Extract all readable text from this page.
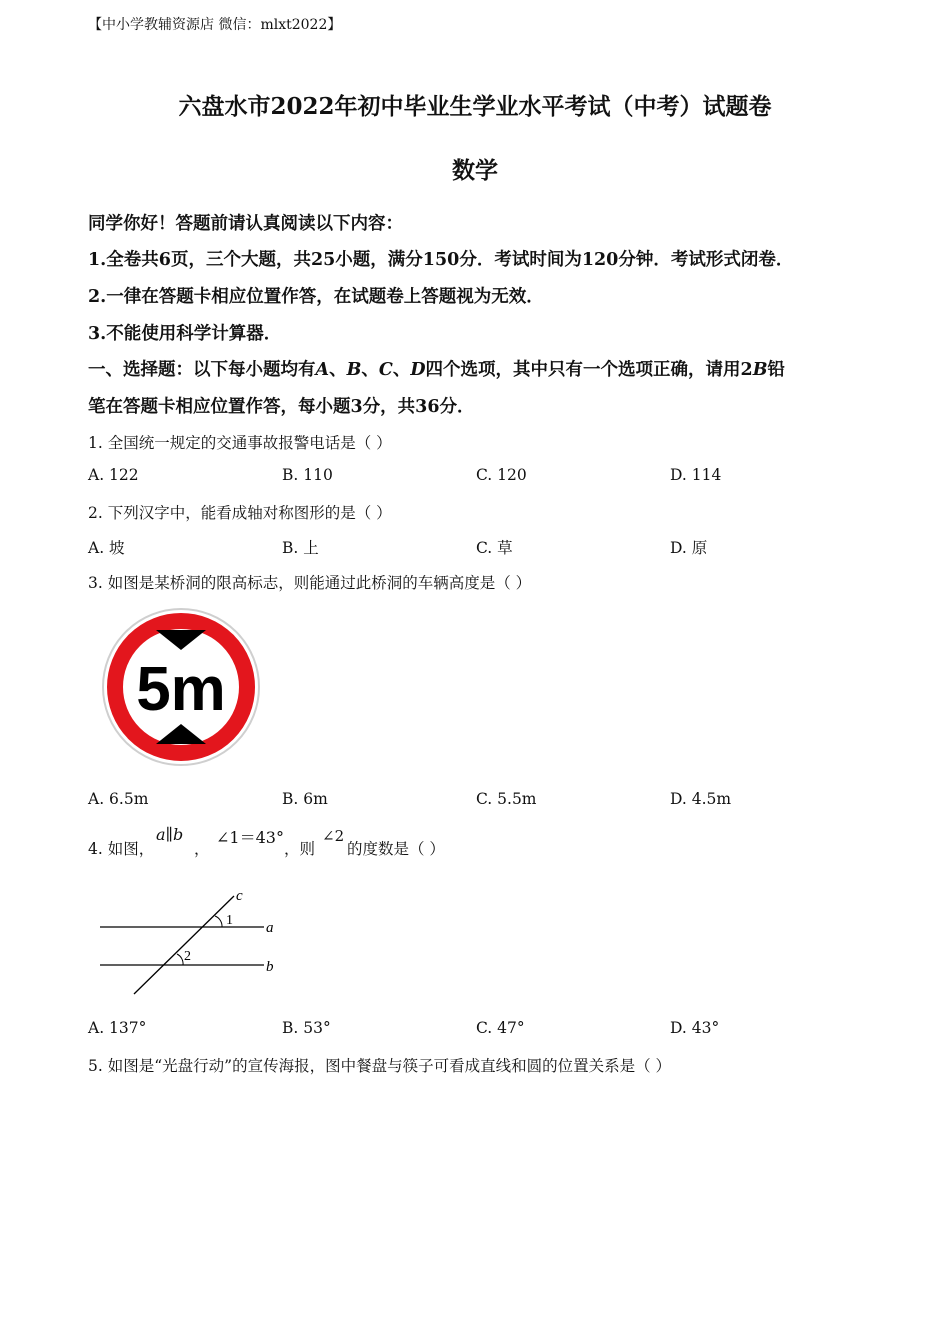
【中小学教辅资源店 微信：mlxt2022】
六盘水市2022年初中毕业生学业水平考试（中考）试题卷
数学
同学你好！答题前请认真阅读以下内容：
1.全卷共6页，三个大题，共25小题，满分150分．考试时间为120分钟．考试形式闭卷．
2.一律在答题卡相应位置作答，在试题卷上答题视为无效．
3.不能使用科学计算器．
一、选择题：以下每小题均有A、B、C、D四个选项，其中只有一个选项正确，请用2B铅
笔在答题卡相应位置作答，每小题3分，共36分．
1. 全国统一规定的交通事故报警电话是（ ）
A. 122	B. 110	C. 120	D. 114
2. 下列汉字中，能看成轴对称图形的是（ ）
A. 坡	B. 上	C. 草	D. 原
3. 如图是某桥洞的限高标志，则能通过此桥洞的车辆高度是（ ）
5m
A. 6.5m	B. 6m	C. 5.5m	D. 4.5m
4. 如图，
a∥b
，
∠1＝43°
，则
∠2
的度数是（ ）
c
1 a
2
b
A. 137°	B. 53°	C. 47°	D. 43°
5. 如图是“光盘行动”的宣传海报，图中餐盘与筷子可看成直线和圆的位置关系是（ ）
